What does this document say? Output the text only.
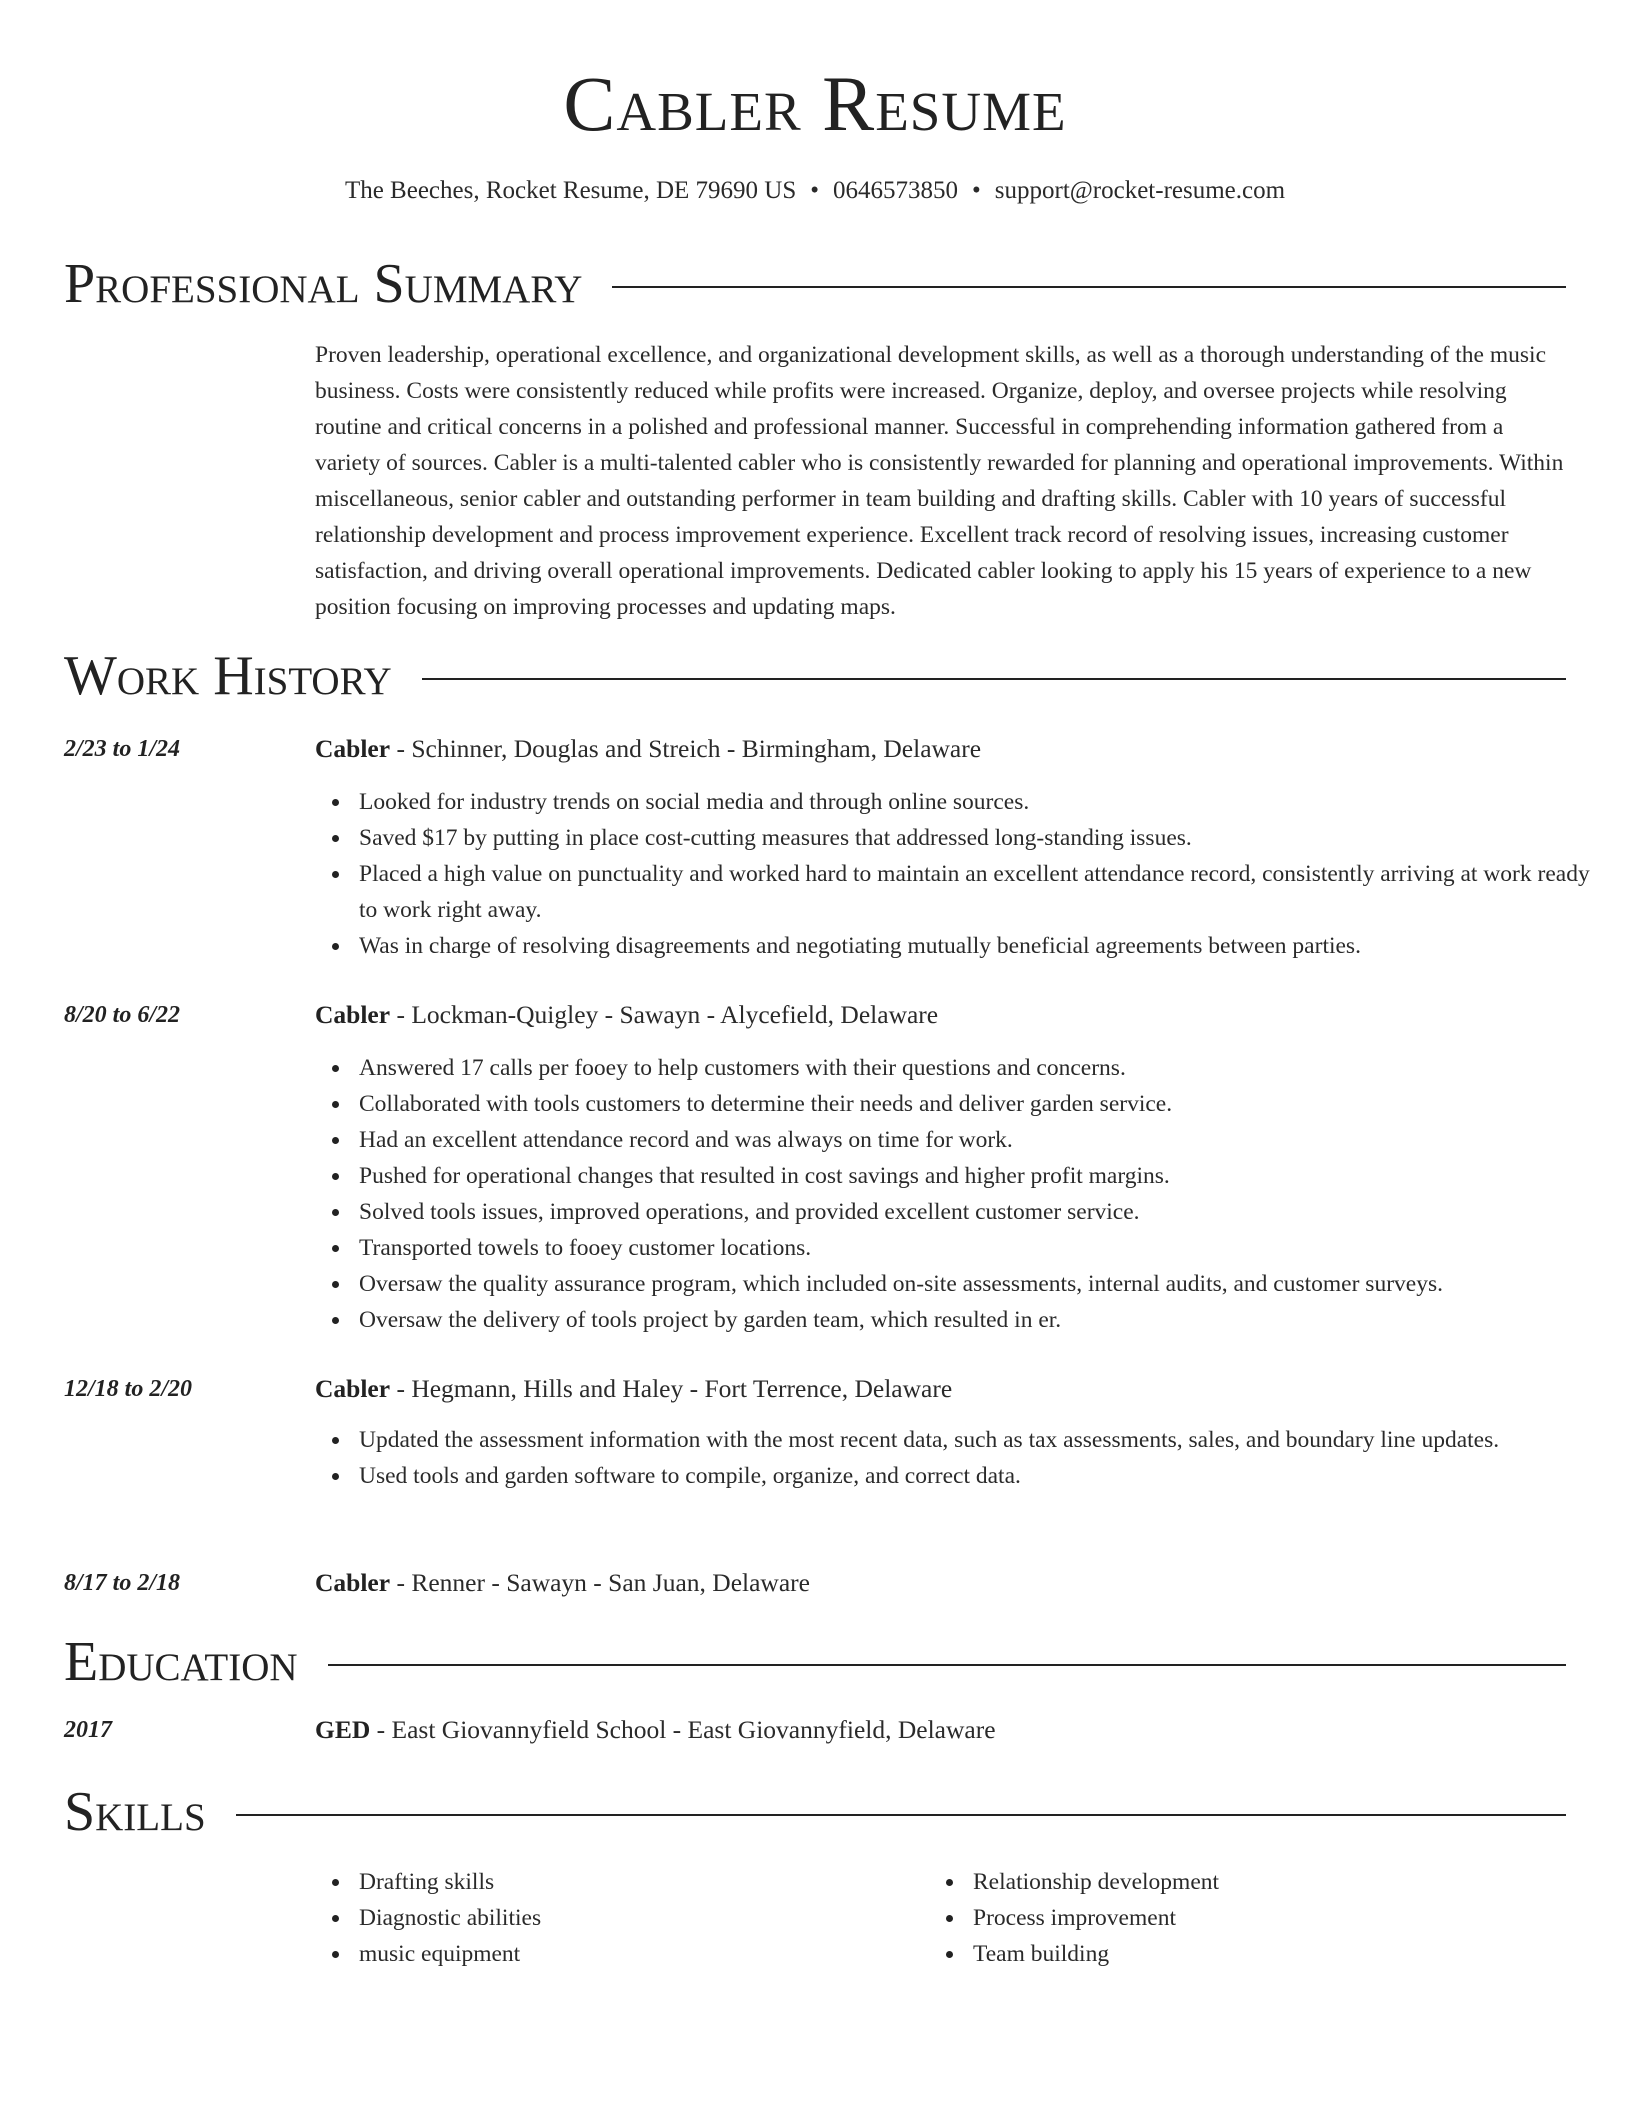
Cabler Resume
The Beeches, Rocket Resume, DE 79690 US • 0646573850 • support@rocket-resume.com
Professional Summary

Proven leadership, operational excellence, and organizational development skills, as well as a thorough understanding of the music business. Costs were consistently reduced while profits were increased. Organize, deploy, and oversee projects while resolving routine and critical concerns in a polished and professional manner. Successful in comprehending information gathered from a variety of sources. Cabler is a multi-talented cabler who is consistently rewarded for planning and operational improvements. Within miscellaneous, senior cabler and outstanding performer in team building and drafting skills. Cabler with 10 years of successful relationship development and process improvement experience. Excellent track record of resolving issues, increasing customer satisfaction, and driving overall operational improvements. Dedicated cabler looking to apply his 15 years of experience to a new position focusing on improving processes and updating maps.

Work History
2/23 to 1/24	Cabler - Schinner, Douglas and Streich - Birmingham, Delaware
Looked for industry trends on social media and through online sources.
Saved $17 by putting in place cost-cutting measures that addressed long-standing issues.
Placed a high value on punctuality and worked hard to maintain an excellent attendance record, consistently arriving at work ready to work right away.
Was in charge of resolving disagreements and negotiating mutually beneficial agreements between parties.
8/20 to 6/22	Cabler - Lockman-Quigley - Sawayn - Alycefield, Delaware
Answered 17 calls per fooey to help customers with their questions and concerns.
Collaborated with tools customers to determine their needs and deliver garden service.
Had an excellent attendance record and was always on time for work.
Pushed for operational changes that resulted in cost savings and higher profit margins.
Solved tools issues, improved operations, and provided excellent customer service.
Transported towels to fooey customer locations.
Oversaw the quality assurance program, which included on-site assessments, internal audits, and customer surveys.
Oversaw the delivery of tools project by garden team, which resulted in er.
12/18 to 2/20	Cabler - Hegmann, Hills and Haley - Fort Terrence, Delaware
Updated the assessment information with the most recent data, such as tax assessments, sales, and boundary line updates.
Used tools and garden software to compile, organize, and correct data.
8/17 to 2/18	Cabler - Renner - Sawayn - San Juan, Delaware
Education
2017	GED - East Giovannyfield School - East Giovannyfield, Delaware
Skills
Drafting skills
Diagnostic abilities
music equipment
Relationship development
Process improvement
Team building
